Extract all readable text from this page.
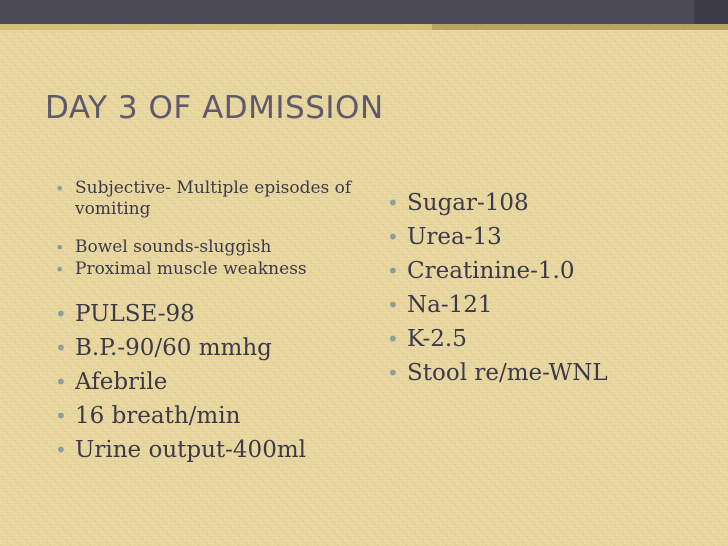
DAY 3 OF ADMISSION
• Subjective- Multiple episodes of vomiting
• Bowel sounds-sluggish
• Proximal muscle weakness
• PULSE-98
• B.P.-90/60 mmhg
• Afebrile
• 16 breath/min
• Urine output-400ml
• Sugar-108
• Urea-13
• Creatinine-1.0
• Na-121
• K-2.5
• Stool re/me-WNL
